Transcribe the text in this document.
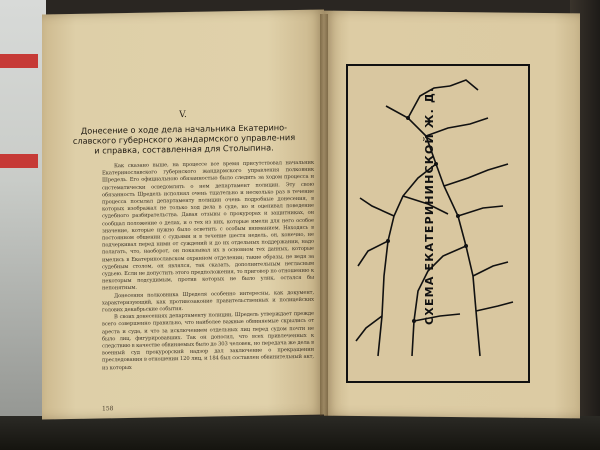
V.
Донесение о ходе дела начальника Екатерино-славского губернского жандармского управле-ния и справка, составленная для Столыпина.

Как сказано выше, на процессе все время присутствовал начальник Екатеринославского губернского жандармского управления полковник Шредель. Его официальною обязанностью было следить за ходом процесса и систематически осведомлять о нем департамент полиции. Эту свою обязанность Шредель исполнял очень тщательно и несколько раз в течение процесса посылал департаменту полиции очень подробные донесения, в которых изображал не только ход дела в суде, но и оценивал поведение судебного разбирательства. Давая отзывы о прокурорах и защитниках, он сообщал положение о делах, и о тех из них, которые имели для него особое значение, которые нужно было осветить с особым вниманием. Находясь в постоянном общении с судьями и в течение шестя недель, он, конечно, не подчеркивал перед ними от суждений и до их отдельных поддержании, надо полагать, что, наоборот, он показывал их в основном тех данных, которые имелись в Екатеринославском охранном отделении; такие образы, не ведя за судебным столом, он являлся, так сказать, дополнительным негласным судьею. Если не допустить этого предположения, то приговор по отношению к некоторым подсудимым, против которых не было улик, остался бы непонятным.

Донесения полковника Шределя особенно интересны, как документ, характеризующий, как противозаконие правительственных и полицейских голових декабрьские события.

В своих донесениях департаменту полиции, Шредель утверждает прежде всего совершенно правильно, что наиболее важные обвиняемые скрылись от ареста и суда, и что за исключением отдельных лиц перед судом почти не было лиц, фигурировавших. Так он доносил, что всех привлеченных к следствию в качестве обвиняемых было до 303 человек, но передача же дела в военный суд прокурорский надзор дал заключение о прекращении преследования в отношении 120 лиц, и 184 был составлен обвинительный акт, из которых

158
СХЕМА ЕКАТЕРИНИНСКОЙ Ж. Д.
